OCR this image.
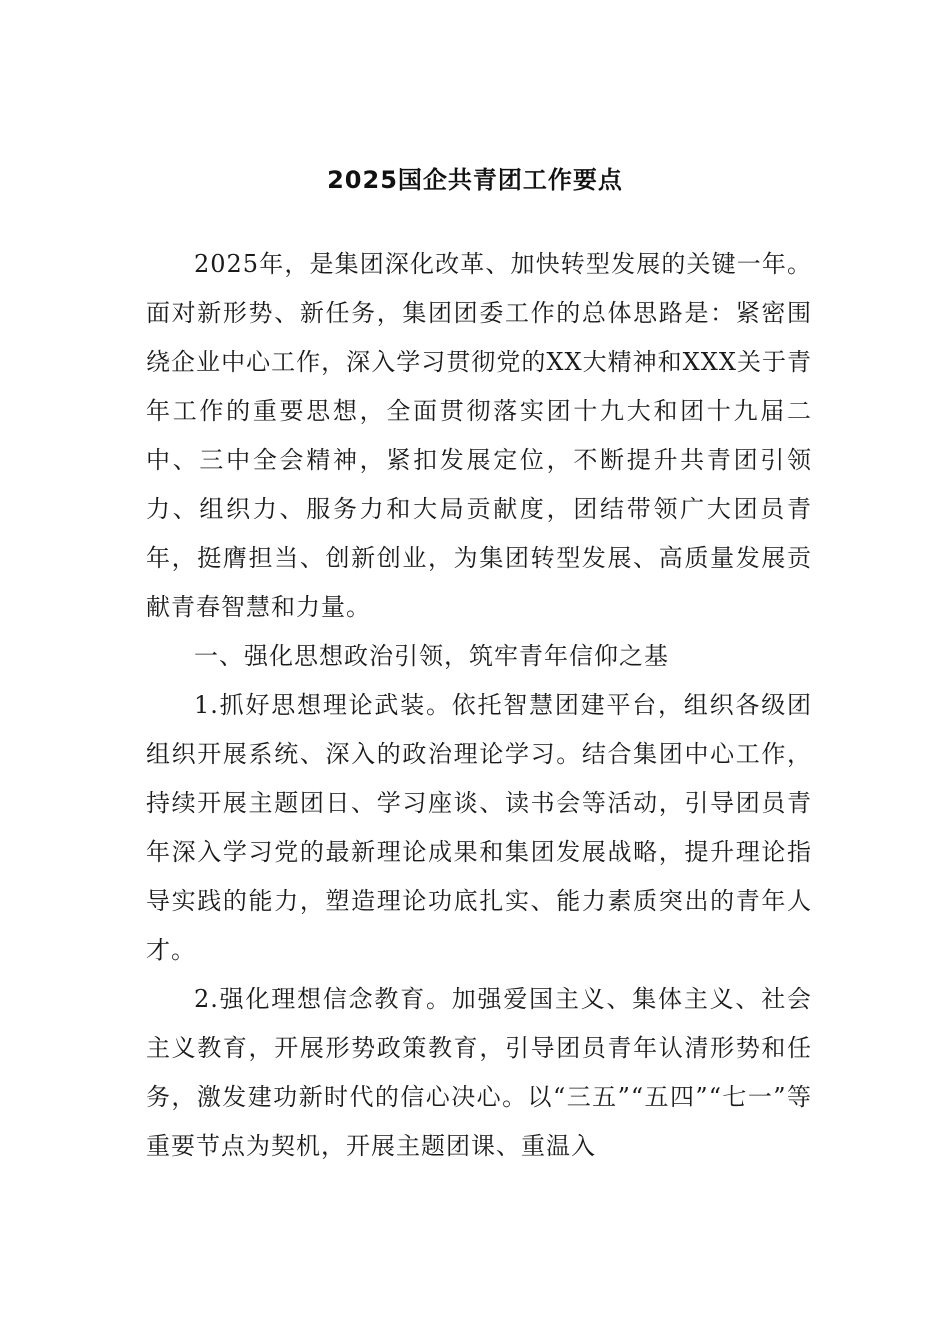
2025国企共青团工作要点

2025年，是集团深化改革、加快转型发展的关键一年。面对新形势、新任务，集团团委工作的总体思路是：紧密围绕企业中心工作，深入学习贯彻党的XX大精神和XXX关于青年工作的重要思想，全面贯彻落实团十九大和团十九届二中、三中全会精神，紧扣发展定位，不断提升共青团引领力、组织力、服务力和大局贡献度，团结带领广大团员青年，挺膺担当、创新创业，为集团转型发展、高质量发展贡献青春智慧和力量。

一、强化思想政治引领，筑牢青年信仰之基

1.抓好思想理论武装。依托智慧团建平台，组织各级团组织开展系统、深入的政治理论学习。结合集团中心工作，持续开展主题团日、学习座谈、读书会等活动，引导团员青年深入学习党的最新理论成果和集团发展战略，提升理论指导实践的能力，塑造理论功底扎实、能力素质突出的青年人才。

2.强化理想信念教育。加强爱国主义、集体主义、社会主义教育，开展形势政策教育，引导团员青年认清形势和任务，激发建功新时代的信心决心。以“三五”“五四”“七一”等重要节点为契机，开展主题团课、重温入
